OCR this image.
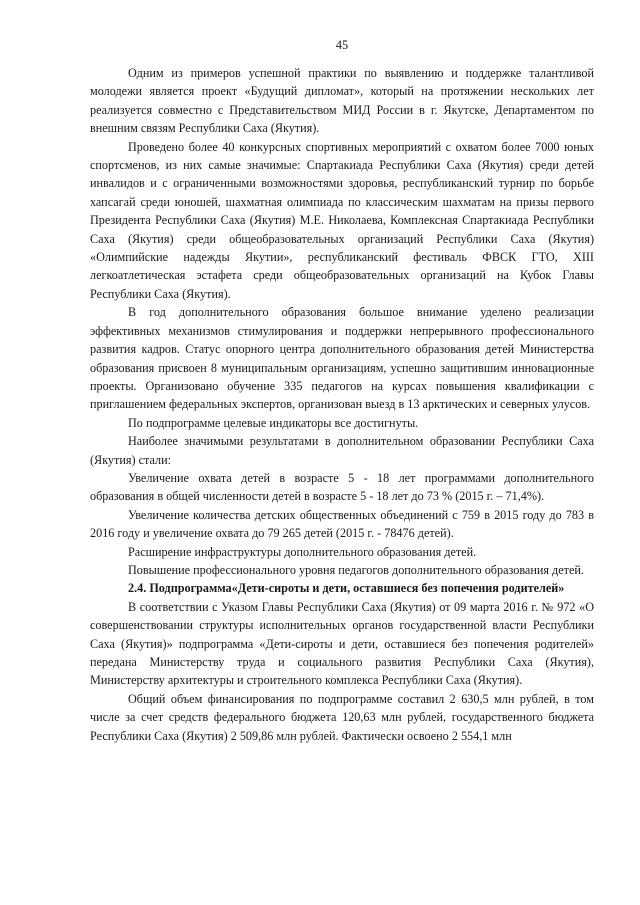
45

Одним из примеров успешной практики по выявлению и поддержке талантливой молодежи является проект «Будущий дипломат», который на протяжении нескольких лет реализуется совместно с Представительством МИД России в г. Якутске, Департаментом по внешним связям Республики Саха (Якутия).

Проведено более 40 конкурсных спортивных мероприятий с охватом более 7000 юных спортсменов, из них самые значимые: Спартакиада Республики Саха (Якутия) среди детей инвалидов и с ограниченными возможностями здоровья, республиканский турнир по борьбе хапсагай среди юношей, шахматная олимпиада по классическим шахматам на призы первого Президента Республики Саха (Якутия) М.Е. Николаева, Комплексная Спартакиада Республики Саха (Якутия) среди общеобразовательных организаций Республики Саха (Якутия) «Олимпийские надежды Якутии», республиканский фестиваль ФВСК ГТО, XIII легкоатлетическая эстафета среди общеобразовательных организаций на Кубок Главы Республики Саха (Якутия).

В год дополнительного образования большое внимание уделено реализации эффективных механизмов стимулирования и поддержки непрерывного профессионального развития кадров. Статус опорного центра дополнительного образования детей Министерства образования присвоен 8 муниципальным организациям, успешно защитившим инновационные проекты. Организовано обучение 335 педагогов на курсах повышения квалификации с приглашением федеральных экспертов, организован выезд в 13 арктических и северных улусов.

По подпрограмме целевые индикаторы все достигнуты.

Наиболее значимыми результатами в дополнительном образовании Республики Саха (Якутия) стали:

Увеличение охвата детей в возрасте 5 - 18 лет программами дополнительного образования в общей численности детей в возрасте 5 - 18 лет до 73 % (2015 г. – 71,4%).

Увеличение количества детских общественных объединений с 759 в 2015 году до 783 в 2016 году и увеличение охвата до 79 265 детей (2015 г. - 78476 детей).

Расширение инфраструктуры дополнительного образования детей.

Повышение профессионального уровня педагогов дополнительного образования детей.

2.4. Подпрограмма«Дети-сироты и дети, оставшиеся без попечения родителей»

В соответствии с Указом Главы Республики Саха (Якутия) от 09 марта 2016 г. № 972 «О совершенствовании структуры исполнительных органов государственной власти Республики Саха (Якутия)» подпрограмма «Дети-сироты и дети, оставшиеся без попечения родителей» передана Министерству труда и социального развития Республики Саха (Якутия), Министерству архитектуры и строительного комплекса Республики Саха (Якутия).

Общий объем финансирования по подпрограмме составил 2 630,5 млн рублей, в том числе за счет средств федерального бюджета 120,63 млн рублей, государственного бюджета Республики Саха (Якутия) 2 509,86 млн рублей. Фактически освоено 2 554,1 млн
